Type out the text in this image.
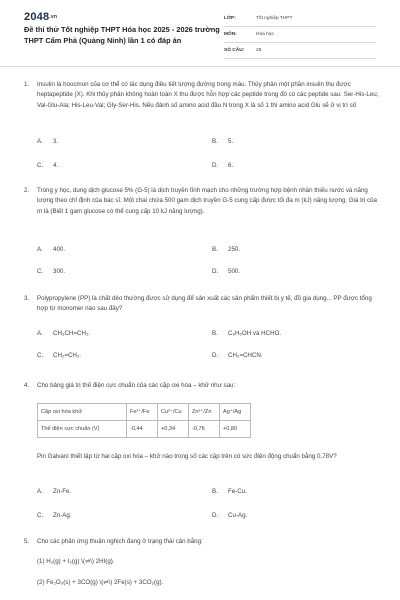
2048.vn
Đề thi thử Tốt nghiệp THPT Hóa học 2025 - 2026 trường THPT Cẩm Phả (Quảng Ninh) lần 1 có đáp án
LỚP:	Tốt nghiệp THPT
MÔN:	Hóa học
SỐ CÂU:	28
1.	Insulin là hoocmon của cơ thể có tác dụng điều tiết lượng đường trong máu. Thủy phân một phần insulin thu được heptapeptide (X). Khi thủy phân không hoàn toàn X thu được hỗn hợp các peptide trong đó có các peptide sau: Ser-His-Leu; Val-Glu-Ala; His-Leu-Val; Gly-Ser-His. Nếu đánh số amino acid đầu N trong X là số 1 thì amino acid Glu sẽ ở vị trí số
A. 3.	B. 5.
C. 4.	D. 6.
2.	Trong y học, dung dịch glucose 5% (G-5) là dịch truyền tĩnh mạch cho những trường hợp bệnh nhân thiếu nước và năng lượng theo chỉ định của bác sĩ. Một chai chứa 500 gam dịch truyền G-5 cung cấp được tối đa m (kJ) năng lượng. Giá trị của m là (Biết 1 gam glucose có thể cung cấp 10 kJ năng lượng).
A. 400.	B. 250.
C. 300.	D. 500.
3.	Polypropylene (PP) là chất dẻo thường được sử dụng để sản xuất các sản phẩm thiết bị y tế, đồ gia dụng... PP được tổng hợp từ monomer nào sau đây?
A. CH₃CH=CH₂.	B. C₆H₅OH và HCHO.
C. CH₂=CH₂.	D. CH₂=CHCN.
4.	Cho bảng giá trị thế điện cực chuẩn của các cặp oxi hóa – khử như sau:
Cặp oxi hóa khử	Fe²⁺/Fe	Cu²⁺/Cu	Zn²⁺/Zn	Ag⁺/Ag
Thế điện cực chuẩn (V)	-0,44	+0,34	-0,76	+0,80
Pin Galvani thiết lập từ hai cặp oxi hóa – khử nào trong số các cặp trên có sức điện động chuẩn bằng 0,78V?
A. Zn-Fe.	B. Fe-Cu.
C. Zn-Ag.	D. Cu-Ag.
5.	Cho các phản ứng thuận nghịch đang ở trạng thái cân bằng:
(1) H₂(g) + I₂(g) \(⇌\) 2HI(g).
(2) Fe₂O₃(s) + 3CO(g) \(⇌\) 2Fe(s) + 3CO₂(g).
